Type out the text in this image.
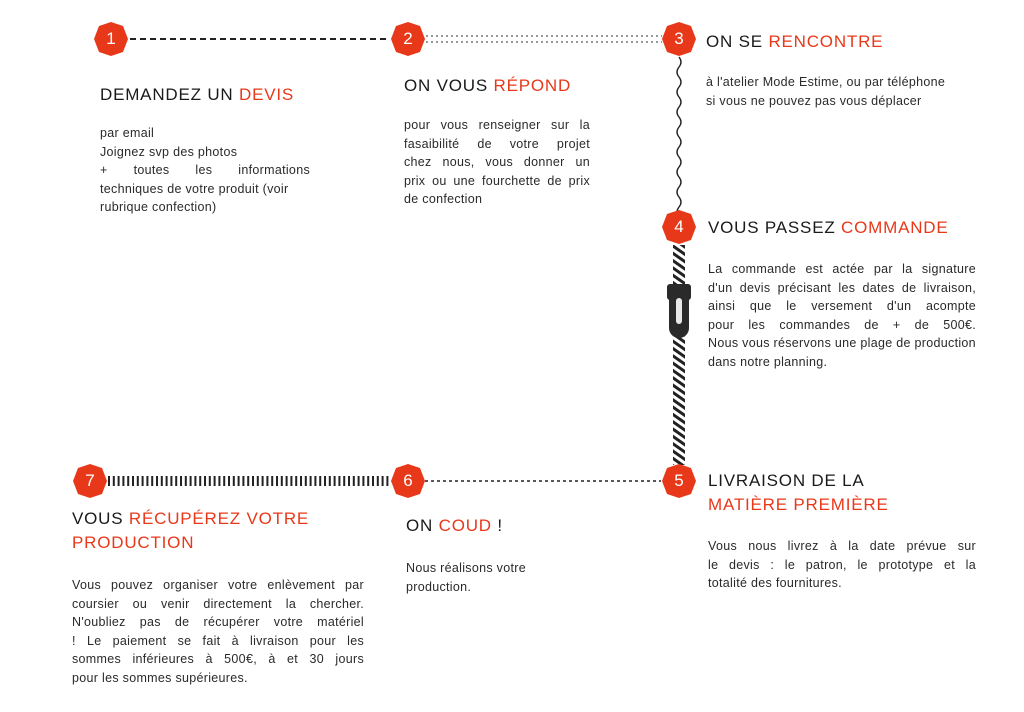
1	2	3
4
5
6
7
DEMANDEZ UN DEVIS
par email
Joignez svp des photos
+ toutes les informations
techniques de votre produit (voir
rubrique confection)
ON VOUS RÉPOND
pour vous renseigner sur la
fasaibilité de votre projet
chez nous, vous donner un
prix ou une fourchette de prix
de confection
ON SE RENCONTRE
à l'atelier Mode Estime, ou par téléphone
si vous ne pouvez pas vous déplacer
VOUS PASSEZ COMMANDE
La commande est actée par la signature
d'un devis précisant les dates de livraison,
ainsi que le versement d'un acompte
pour les commandes de + de 500€.
Nous vous réservons une plage de production
dans notre planning.
LIVRAISON DE LA
MATIÈRE PREMIÈRE
Vous nous livrez à la date prévue sur
le devis : le patron, le prototype et la
totalité des fournitures.
ON COUD !
Nous réalisons votre
production.
VOUS RÉCUPÉREZ VOTRE
PRODUCTION
Vous pouvez organiser votre enlèvement par
coursier ou venir directement la chercher.
N'oubliez pas de récupérer votre matériel
! Le paiement se fait à livraison pour les
sommes inférieures à 500€, à et 30 jours
pour les sommes supérieures.
